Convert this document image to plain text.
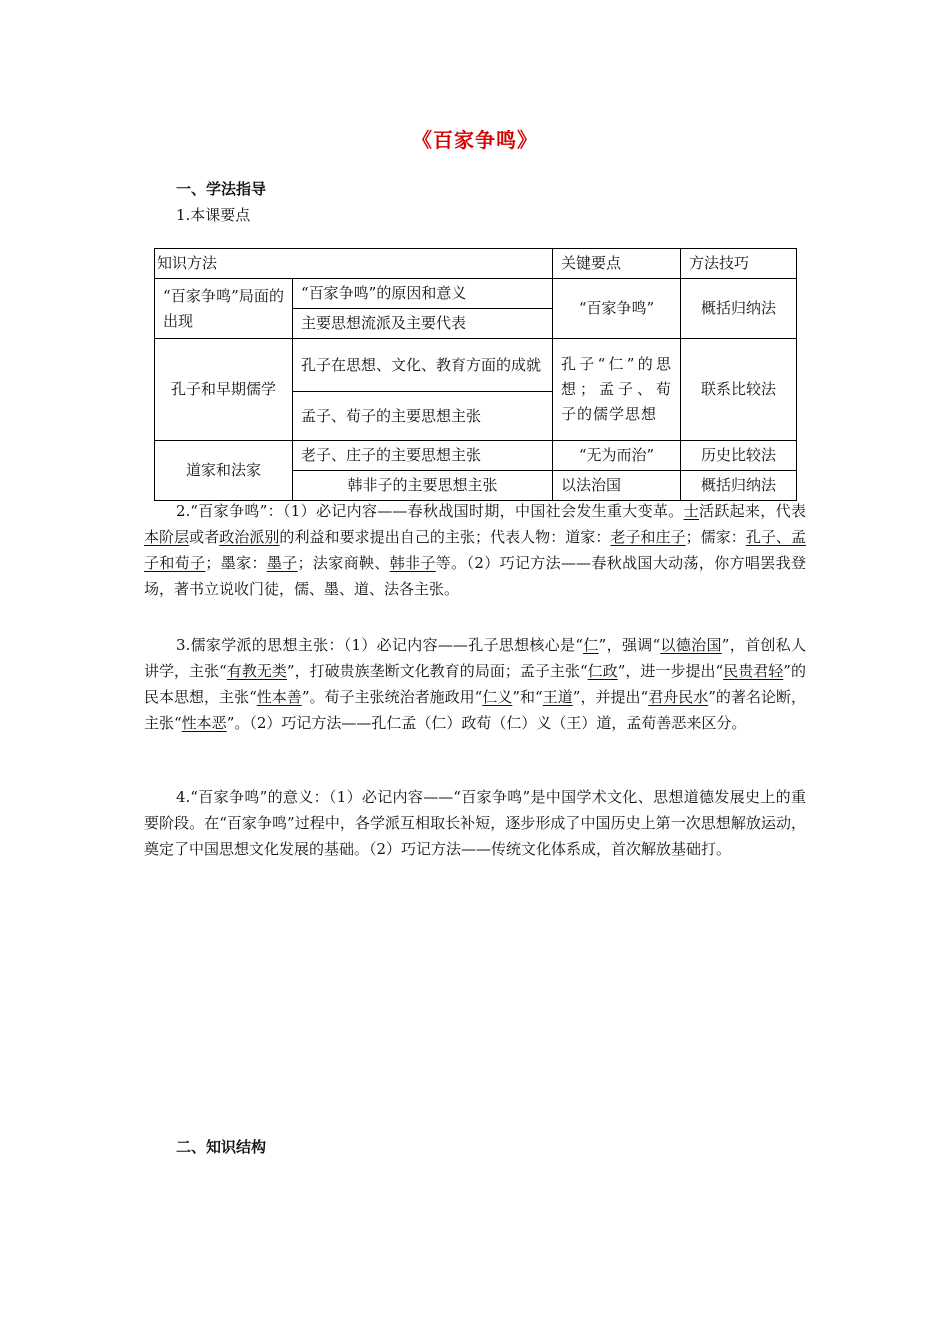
《百家争鸣》
一、学法指导
1.本课要点
知识方法		关键要点	方法技巧
“百家争鸣”局面的出现	“百家争鸣”的原因和意义	“百家争鸣”	概括归纳法
	主要思想流派及主要代表		
孔子和早期儒学	孔子在思想、文化、教育方面的成就	孔子“仁”的思想；孟子、荀子的儒学思想	联系比较法
	孟子、荀子的主要思想主张		
道家和法家	老子、庄子的主要思想主张	“无为而治”	历史比较法
	韩非子的主要思想主张	以法治国	概括归纳法

2.“百家争鸣”：（1）必记内容——春秋战国时期，中国社会发生重大变革。士活跃起来，代表本阶层或者政治派别的利益和要求提出自己的主张；代表人物：道家：老子和庄子；儒家：孔子、孟子和荀子；墨家：墨子；法家商鞅、韩非子等。（2）巧记方法——春秋战国大动荡，你方唱罢我登场，著书立说收门徒，儒、墨、道、法各主张。

3.儒家学派的思想主张：（1）必记内容——孔子思想核心是“仁”，强调“以德治国”，首创私人讲学，主张“有教无类”，打破贵族垄断文化教育的局面；孟子主张“仁政”，进一步提出“民贵君轻”的民本思想，主张“性本善”。荀子主张统治者施政用“仁义”和“王道”，并提出“君舟民水”的著名论断，主张“性本恶”。（2）巧记方法——孔仁孟（仁）政荀（仁）义（王）道，孟荀善恶来区分。

4.“百家争鸣”的意义：（1）必记内容——“百家争鸣”是中国学术文化、思想道德发展史上的重要阶段。在“百家争鸣”过程中，各学派互相取长补短，逐步形成了中国历史上第一次思想解放运动，奠定了中国思想文化发展的基础。（2）巧记方法——传统文化体系成，首次解放基础打。

二、知识结构
